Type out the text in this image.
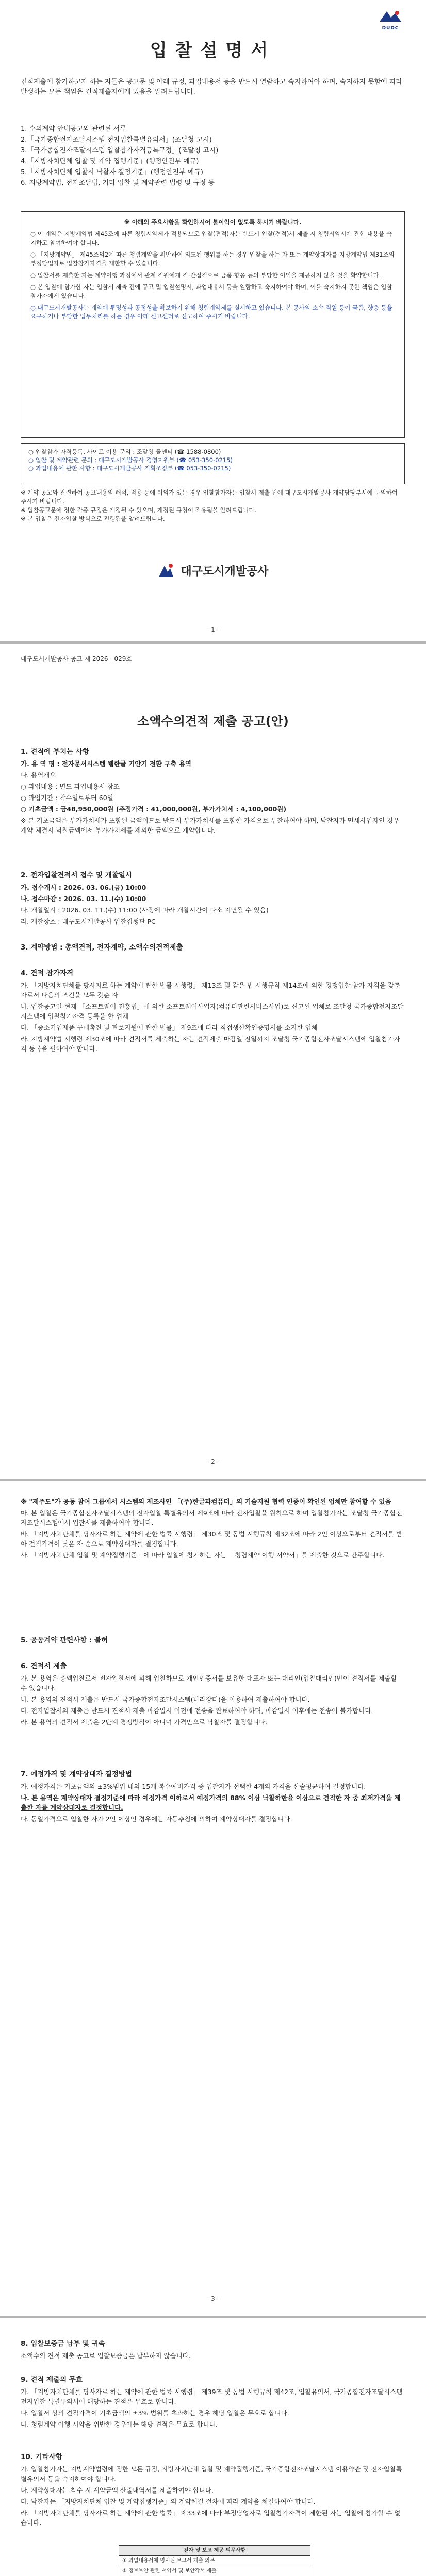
DUDC
입찰설명서
견적제출에 참가하고자 하는 자들은 공고문 및 아래 규정, 과업내용서 등을 반드시 열람하고 숙지하여야 하며, 숙지하지 못함에 따라 발생하는 모든 책임은 견적제출자에게 있음을 알려드립니다.
1. 수의계약 안내공고와 관련된 서류
2.「국가종합전자조달시스템 전자입찰특별유의서」(조달청 고시)
3.「국가종합전자조달시스템 입찰참가자격등록규정」(조달청 고시)
4.「지방자치단체 입찰 및 계약 집행기준」(행정안전부 예규)
5.「지방자치단체 입찰시 낙찰자 결정기준」(행정안전부 예규)
6. 지방계약법, 전자조달법, 기타 입찰 및 계약관련 법령 및 규정 등

※ 아래의 주요사항을 확인하시어 불이익이 없도록 하시기 바랍니다.

○ 이 계약은 지방계약법 제45조에 따른 청렴서약제가 적용되므로 입찰(견적)자는 반드시 입찰(견적)서 제출 시 청렴서약서에 관한 내용을 숙지하고 참여하여야 합니다.

○ 「지방계약법」 제45조의2에 따른 청렴계약을 위반하여 의도된 행위를 하는 경우 입찰을 하는 자 또는 계약상대자를 지방계약법 제31조의 부정당업자로 입찰참가자격을 제한할 수 있습니다.

○ 입찰서를 제출한 자는 계약이행 과정에서 관계 직원에게 직·간접적으로 금품·향응 등의 부당한 이익을 제공하지 않을 것을 확약합니다.

○ 본 입찰에 참가한 자는 입찰서 제출 전에 공고 및 입찰설명서, 과업내용서 등을 열람하고 숙지하여야 하며, 이를 숙지하지 못한 책임은 입찰참가자에게 있습니다.

○ 대구도시개발공사는 계약에 투명성과 공정성을 확보하기 위해 청렴계약제를 실시하고 있습니다. 본 공사의 소속 직원 등이 금품, 향응 등을 요구하거나 부당한 업무처리를 하는 경우 아래 신고센터로 신고하여 주시기 바랍니다.

○ 입찰참가 자격등록, 사이트 이용 문의 : 조달청 콜센터 (☎ 1588-0800)
○ 입찰 및 계약관련 문의 : 대구도시개발공사 경영지원부 (☎ 053-350-0215)
○ 과업내용에 관한 사항 : 대구도시개발공사 기획조정부 (☎ 053-350-0215)
※ 계약 공고와 관련하여 공고내용의 해석, 적용 등에 이의가 있는 경우 입찰참가자는 입찰서 제출 전에 대구도시개발공사 계약담당부서에 문의하여 주시기 바랍니다.
※ 입찰공고문에 정한 각종 규정은 개정될 수 있으며, 개정된 규정이 적용됨을 알려드립니다.
※ 본 입찰은 전자입찰 방식으로 진행됨을 알려드립니다.
대구도시개발공사
- 1 -
대구도시개발공사 공고 제 2026 - 029호
소액수의견적 제출 공고(안)
1. 견적에 부치는 사항

가. 용 역 명 : 전자문서시스템 웹한글 기안기 전환 구축 용역

나. 용역개요

○ 과업내용 : 별도 과업내용서 참조

○ 과업기간 : 착수일로부터 60일

○ 기초금액 : 금48,950,000원 (추정가격 : 41,000,000원, 부가가치세 : 4,100,000원)

※ 본 기초금액은 부가가치세가 포함된 금액이므로 반드시 부가가치세를 포함한 가격으로 투찰하여야 하며, 낙찰자가 면세사업자인 경우 계약 체결시 낙찰금액에서 부가가치세를 제외한 금액으로 계약합니다.

2. 전자입찰견적서 접수 및 개찰일시

가. 접수개시 : 2026. 03. 06.(금) 10:00

나. 접수마감 : 2026. 03. 11.(수) 10:00

다. 개찰일시 : 2026. 03. 11.(수) 11:00 (사정에 따라 개찰시간이 다소 지연될 수 있음)

라. 개찰장소 : 대구도시개발공사 입찰집행관 PC

3. 계약방법 : 총액견적, 전자계약, 소액수의견적제출
4. 견적 참가자격

가. 「지방자치단체를 당사자로 하는 계약에 관한 법률 시행령」 제13조 및 같은 법 시행규칙 제14조에 의한 경쟁입찰 참가 자격을 갖춘 자로서 다음의 조건을 모두 갖춘 자

나. 입찰공고일 현재 「소프트웨어 진흥법」에 의한 소프트웨어사업자(컴퓨터관련서비스사업)로 신고된 업체로 조달청 국가종합전자조달시스템에 입찰참가자격 등록을 한 업체

다. 「중소기업제품 구매촉진 및 판로지원에 관한 법률」 제9조에 따라 직접생산확인증명서를 소지한 업체

라. 지방계약법 시행령 제30조에 따라 견적서를 제출하는 자는 견적제출 마감일 전일까지 조달청 국가종합전자조달시스템에 입찰참가자격 등록을 필하여야 합니다.

- 2 -

※ "제주도"가 공동 참여 그룹에서 시스템의 제조사인 「(주)한글과컴퓨터」의 기술지원 협력 인증이 확인된 업체만 참여할 수 있음

마. 본 입찰은 국가종합전자조달시스템의 전자입찰 특별유의서 제9조에 따라 전자입찰을 원칙으로 하며 입찰참가자는 조달청 국가종합전자조달시스템에서 입찰서를 제출하여야 합니다.

바. 「지방자치단체를 당사자로 하는 계약에 관한 법률 시행령」 제30조 및 동법 시행규칙 제32조에 따라 2인 이상으로부터 견적서를 받아 견적가격이 낮은 자 순으로 계약상대자를 결정합니다.

사. 「지방자치단체 입찰 및 계약집행기준」에 따라 입찰에 참가하는 자는 「청렴계약 이행 서약서」를 제출한 것으로 간주합니다.

5. 공동계약 관련사항 : 불허
6. 견적서 제출

가. 본 용역은 총액입찰로서 전자입찰서에 의해 입찰하므로 개인인증서를 보유한 대표자 또는 대리인(입찰대리인)만이 견적서를 제출할 수 있습니다.

나. 본 용역의 견적서 제출은 반드시 국가종합전자조달시스템(나라장터)을 이용하여 제출하여야 합니다.

다. 전자입찰서의 제출은 반드시 견적서 제출 마감일시 이전에 전송을 완료하여야 하며, 마감일시 이후에는 전송이 불가합니다.

라. 본 용역의 견적서 제출은 2단계 경쟁방식이 아니며 가격만으로 낙찰자를 결정합니다.

7. 예정가격 및 계약상대자 결정방법

가. 예정가격은 기초금액의 ±3%범위 내의 15개 복수예비가격 중 입찰자가 선택한 4개의 가격을 산술평균하여 결정합니다.

나. 본 용역은 계약상대자 결정기준에 따라 예정가격 이하로서 예정가격의 88% 이상 낙찰하한율 이상으로 견적한 자 중 최저가격을 제출한 자를 계약상대자로 결정합니다.

다. 동일가격으로 입찰한 자가 2인 이상인 경우에는 자동추첨에 의하여 계약상대자를 결정합니다.

- 3 -
8. 입찰보증금 납부 및 귀속

소액수의 견적 제출 공고로 입찰보증금은 납부하지 않습니다.

9. 견적 제출의 무효

가. 「지방자치단체를 당사자로 하는 계약에 관한 법률 시행령」 제39조 및 동법 시행규칙 제42조, 입찰유의서, 국가종합전자조달시스템 전자입찰 특별유의서에 해당하는 견적은 무효로 합니다.

나. 입찰서 상의 견적가격이 기초금액의 ±3% 범위를 초과하는 경우 해당 입찰은 무효로 합니다.

다. 청렴계약 이행 서약을 위반한 경우에는 해당 견적은 무효로 합니다.

10. 기타사항

가. 입찰참가자는 지방계약법령에 정한 모든 규정, 지방자치단체 입찰 및 계약집행기준, 국가종합전자조달시스템 이용약관 및 전자입찰특별유의서 등을 숙지하여야 합니다.

나. 계약상대자는 착수 시 계약금액 산출내역서를 제출하여야 합니다.

다. 낙찰자는 「지방자치단체 입찰 및 계약집행기준」의 계약체결 절차에 따라 계약을 체결하여야 합니다.

라. 「지방자치단체를 당사자로 하는 계약에 관한 법률」 제33조에 따라 부정당업자로 입찰참가자격이 제한된 자는 입찰에 참가할 수 없습니다.

전자 및 보고 제공 의무사항
① 과업내용서에 명시된 보고서 제출 의무
② 정보보안 관련 서약서 및 보안각서 제출
